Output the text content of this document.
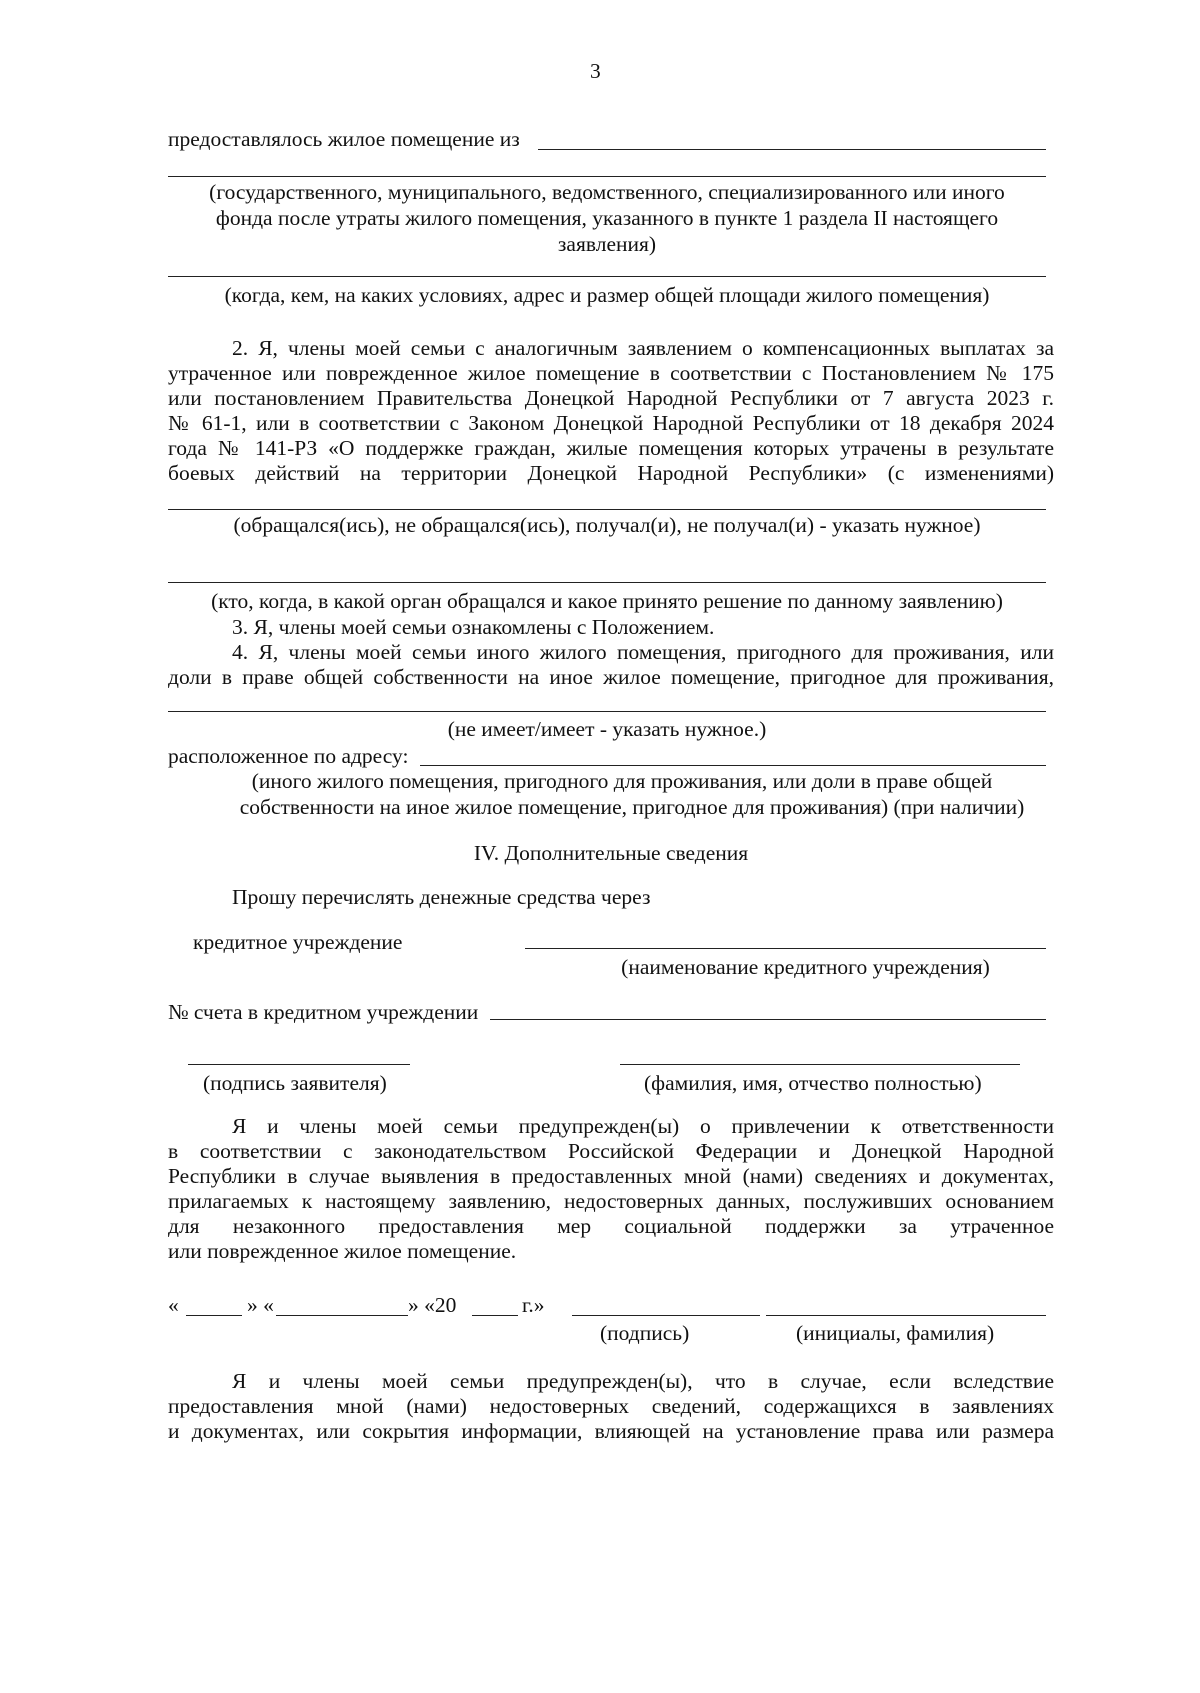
3
предоставлялось жилое помещение из
(государственного, муниципального, ведомственного, специализированного или иного
фонда после утраты жилого помещения, указанного в пункте 1 раздела II настоящего
заявления)
(когда, кем, на каких условиях, адрес и размер общей площади жилого помещения)
2. Я, члены моей семьи с аналогичным заявлением о компенсационных выплатах за
утраченное или поврежденное жилое помещение в соответствии с Постановлением № 175
или постановлением Правительства Донецкой Народной Республики от 7 августа 2023 г.
№ 61-1, или в соответствии с Законом Донецкой Народной Республики от 18 декабря 2024
года № 141-РЗ «О поддержке граждан, жилые помещения которых утрачены в результате
боевых действий на территории Донецкой Народной Республики» (с изменениями)
(обращался(ись), не обращался(ись), получал(и), не получал(и) - указать нужное)
(кто, когда, в какой орган обращался и какое принято решение по данному заявлению)
3. Я, члены моей семьи ознакомлены с Положением.
4. Я, члены моей семьи иного жилого помещения, пригодного для проживания, или
доли в праве общей собственности на иное жилое помещение, пригодное для проживания,
(не имеет/имеет - указать нужное.)
расположенное по адресу:
(иного жилого помещения, пригодного для проживания, или доли в праве общей
собственности на иное жилое помещение, пригодное для проживания) (при наличии)
IV. Дополнительные сведения
Прошу перечислять денежные средства через
кредитное учреждение
(наименование кредитного учреждения)
№ счета в кредитном учреждении
(подпись заявителя)	(фамилия, имя, отчество полностью)
Я и члены моей семьи предупрежден(ы) о привлечении к ответственности
в соответствии с законодательством Российской Федерации и Донецкой Народной
Республики в случае выявления в предоставленных мной (нами) сведениях и документах,
прилагаемых к настоящему заявлению, недостоверных данных, послуживших основанием
для незаконного предоставления мер социальной поддержки за утраченное
или поврежденное жилое помещение.
«	» «	» «20	г.»
(подпись)	(инициалы, фамилия)
Я и члены моей семьи предупрежден(ы), что в случае, если вследствие
предоставления мной (нами) недостоверных сведений, содержащихся в заявлениях
и документах, или сокрытия информации, влияющей на установление права или размера
